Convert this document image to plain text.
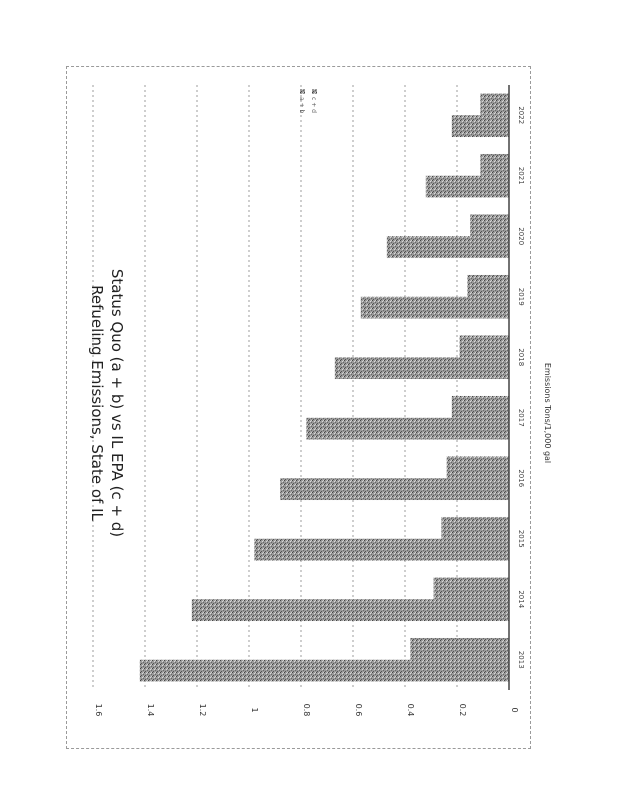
0
0.2
0.4
0.6
0.8
1
1.2
1.4
1.6
2013
2014
2015
2016
2017
2018
2019
2020
2021
2022
Refueling Emissions, State of IL Status Quo (a + b) vs IL EPA (c + d)	Emissions Tons/1,000 gal
a + b c + d
